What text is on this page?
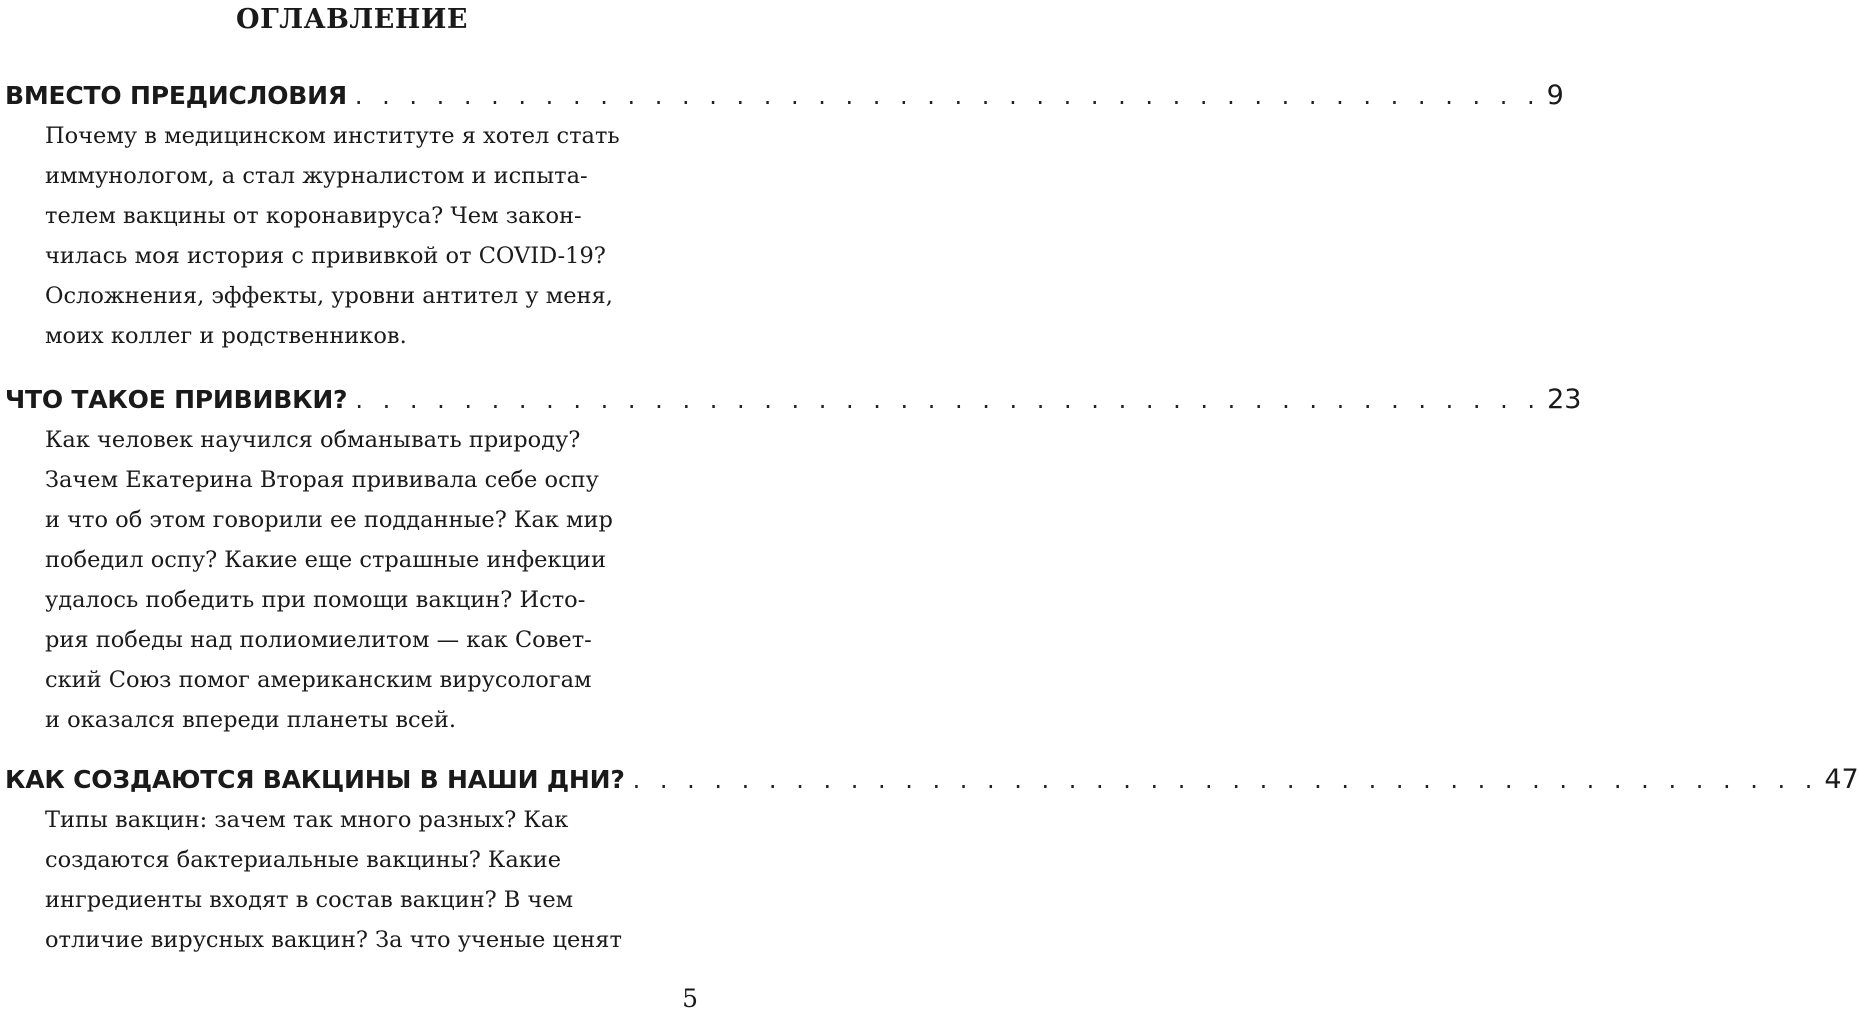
ОГЛАВЛЕНИЕ
ВМЕСТО ПРЕДИСЛОВИЯ . . . . . . . . . . . . . . . . . . . . . . . . . . . . . . . . . . . . . . . . . . . . 9

Почему в медицинском институте я хотел стать
иммунологом, а стал журналистом и испыта-
телем вакцины от коронавируса? Чем закон-
чилась моя история с прививкой от COVID-19?
Осложнения, эффекты, уровни антител у меня,
моих коллег и родственников.

ЧТО ТАКОЕ ПРИВИВКИ? . . . . . . . . . . . . . . . . . . . . . . . . . . . . . . . . . . . . . . . . . . . . 23

Как человек научился обманывать природу?
Зачем Екатерина Вторая прививала себе оспу
и что об этом говорили ее подданные? Как мир
победил оспу? Какие еще страшные инфекции
удалось победить при помощи вакцин? Исто-
рия победы над полиомиелитом — как Совет-
ский Союз помог американским вирусологам
и оказался впереди планеты всей.

КАК СОЗДАЮТСЯ ВАКЦИНЫ В НАШИ ДНИ? . . . . . . . . . . . . . . . . . . . . . . . . . . . . . . . . . . . . . . . . . . . . 47

Типы вакцин: зачем так много разных? Как
создаются бактериальные вакцины? Какие
ингредиенты входят в состав вакцин? В чем
отличие вирусных вакцин? За что ученые ценят

5
